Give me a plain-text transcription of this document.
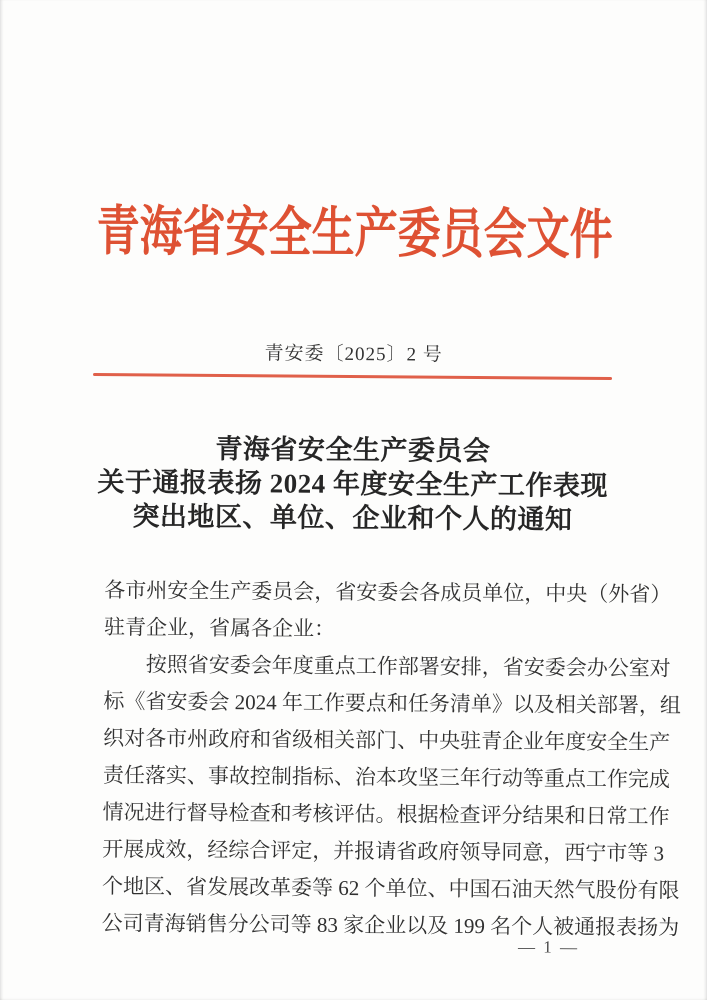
青海省安全生产委员会文件
青安委〔2025〕2 号
青海省安全生产委员会
关于通报表扬 2024 年度安全生产工作表现
突出地区、单位、企业和个人的通知
各市州安全生产委员会，省安委会各成员单位，中央（外省）
驻青企业，省属各企业：
　　按照省安委会年度重点工作部署安排，省安委会办公室对
标《省安委会 2024 年工作要点和任务清单》以及相关部署，组
织对各市州政府和省级相关部门、中央驻青企业年度安全生产
责任落实、事故控制指标、治本攻坚三年行动等重点工作完成
情况进行督导检查和考核评估。根据检查评分结果和日常工作
开展成效，经综合评定，并报请省政府领导同意，西宁市等 3
个地区、省发展改革委等 62 个单位、中国石油天然气股份有限
公司青海销售分公司等 83 家企业以及 199 名个人被通报表扬为
— 1 —
